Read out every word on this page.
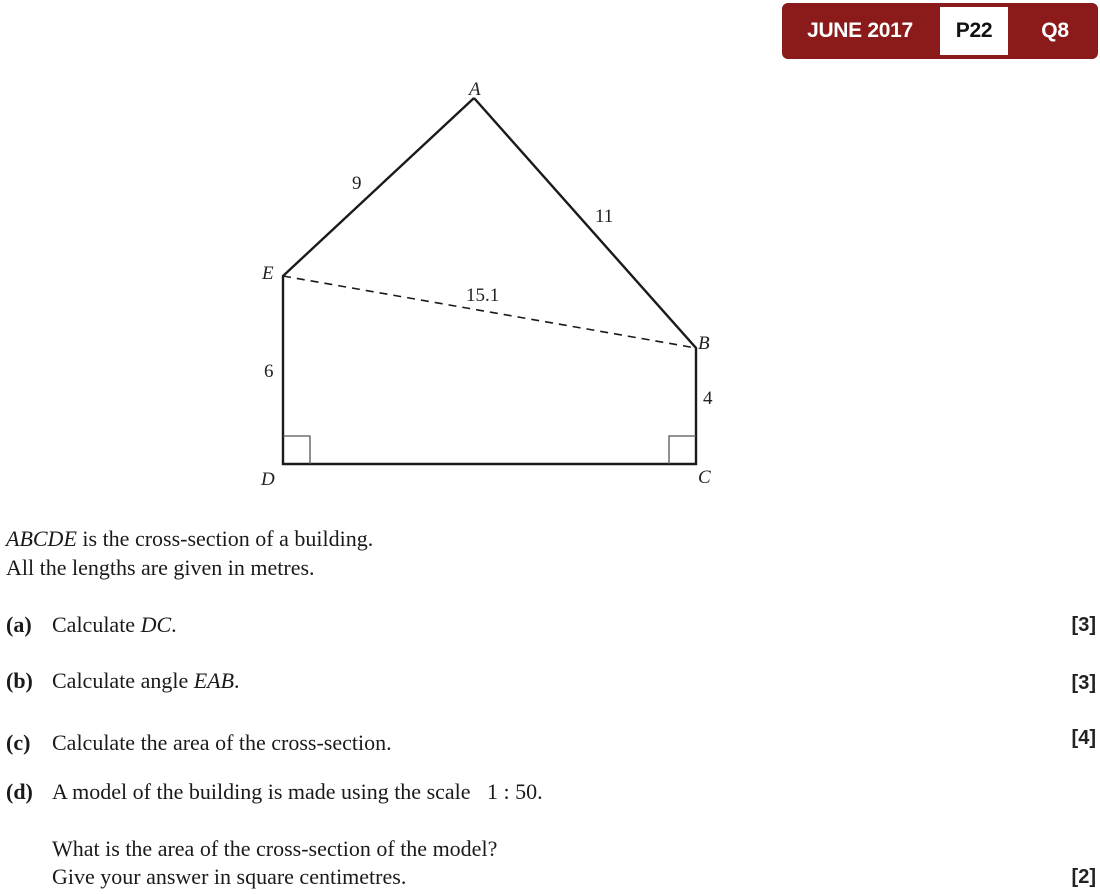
JUNE 2017	P22	Q8
A
B
C
D
E
9
11
15.1
6
4
ABCDE is the cross-section of a building.
All the lengths are given in metres.
(a) Calculate DC.	[3]
(b) Calculate angle EAB.	[3]
(c) Calculate the area of the cross-section.	[4]
(d) A model of the building is made using the scale   1 : 50.
What is the area of the cross-section of the model?
Give your answer in square centimetres.	[2]
